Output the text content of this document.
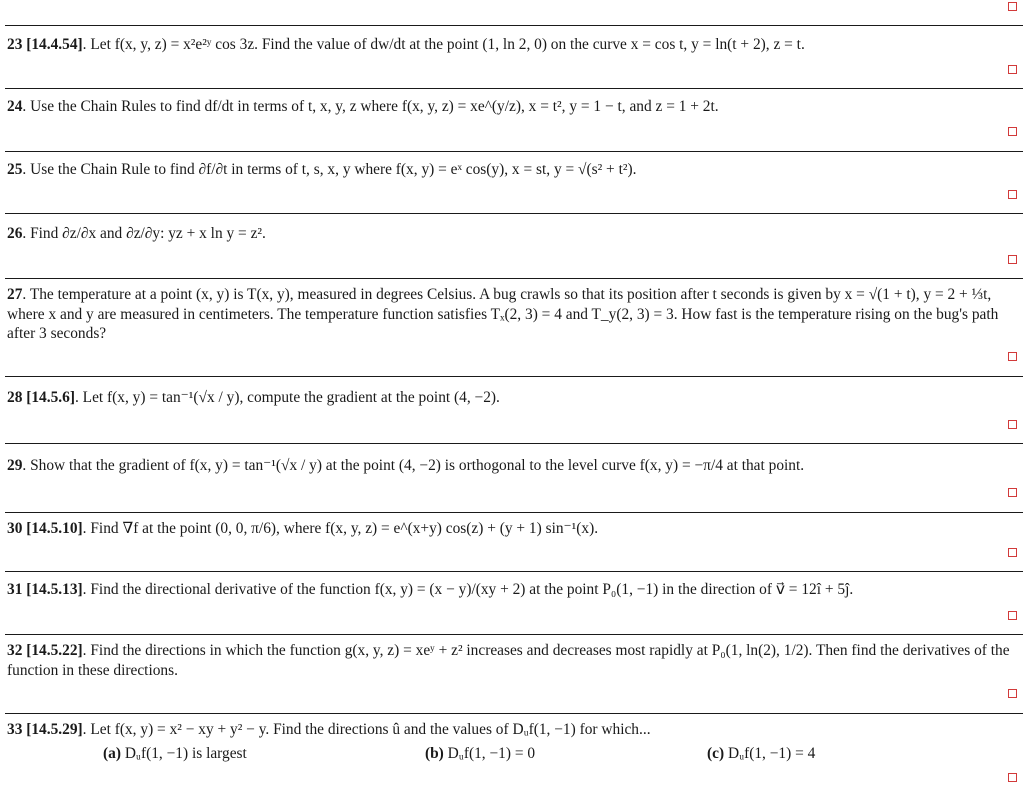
23 [14.4.54]. Let f(x, y, z) = x²e²ʸ cos 3z. Find the value of dw/dt at the point (1, ln 2, 0) on the curve x = cos t, y = ln(t + 2), z = t.
24. Use the Chain Rules to find df/dt in terms of t, x, y, z where f(x, y, z) = xe^(y/z), x = t², y = 1 − t, and z = 1 + 2t.
25. Use the Chain Rule to find ∂f/∂t in terms of t, s, x, y where f(x, y) = eˣ cos(y), x = st, y = √(s² + t²).
26. Find ∂z/∂x and ∂z/∂y: yz + x ln y = z².
27. The temperature at a point (x, y) is T(x, y), measured in degrees Celsius. A bug crawls so that its position after t seconds is given by x = √(1 + t), y = 2 + ⅓t, where x and y are measured in centimeters. The temperature function satisfies Tₓ(2, 3) = 4 and T_y(2, 3) = 3. How fast is the temperature rising on the bug's path after 3 seconds?
28 [14.5.6]. Let f(x, y) = tan⁻¹(√x / y), compute the gradient at the point (4, −2).
29. Show that the gradient of f(x, y) = tan⁻¹(√x / y) at the point (4, −2) is orthogonal to the level curve f(x, y) = −π/4 at that point.
30 [14.5.10]. Find ∇f at the point (0, 0, π/6), where f(x, y, z) = e^(x+y) cos(z) + (y + 1) sin⁻¹(x).
31 [14.5.13]. Find the directional derivative of the function f(x, y) = (x − y)/(xy + 2) at the point P₀(1, −1) in the direction of v⃗ = 12î + 5ĵ.
32 [14.5.22]. Find the directions in which the function g(x, y, z) = xeʸ + z² increases and decreases most rapidly at P₀(1, ln(2), 1/2). Then find the derivatives of the function in these directions.
33 [14.5.29]. Let f(x, y) = x² − xy + y² − y. Find the directions û and the values of Dᵤf(1, −1) for which...
(a) Dᵤf(1, −1) is largest	(b) Dᵤf(1, −1) = 0	(c) Dᵤf(1, −1) = 4
